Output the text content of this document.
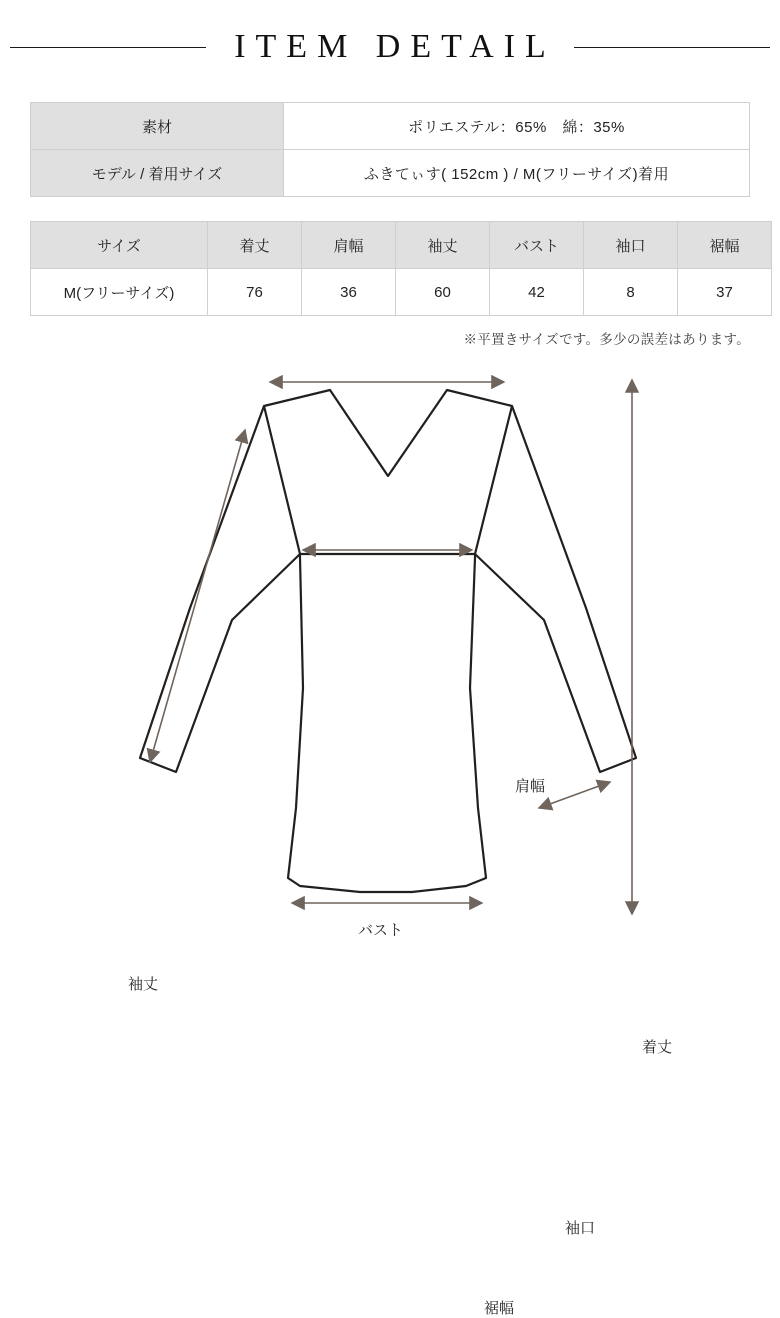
ITEM DETAIL
素材	ポリエステル：65%　綿：35%
モデル / 着用サイズ	ふきてぃす( 152cm ) / M(フリーサイズ)着用
サイズ	着丈	肩幅	袖丈	バスト	袖口	裾幅
M(フリーサイズ)	76	36	60	42	8	37
※平置きサイズです。多少の誤差はあります。
肩幅
バスト
袖丈
着丈
袖口
裾幅
